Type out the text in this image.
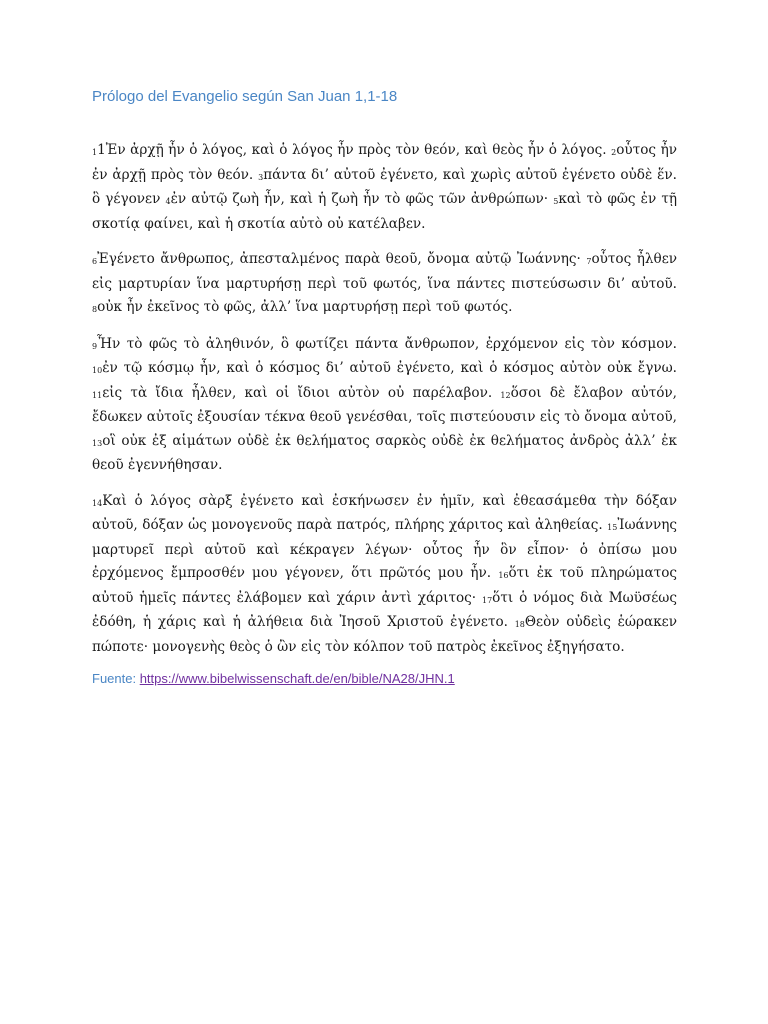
Prólogo del Evangelio según San Juan 1,1-18

11Ἐν ἀρχῇ ἦν ὁ λόγος, καὶ ὁ λόγος ἦν πρὸς τὸν θεόν, καὶ θεὸς ἦν ὁ λόγος. 2οὗτος ἦν ἐν ἀρχῇ πρὸς τὸν θεόν. 3πάντα δι’ αὐτοῦ ἐγένετο, καὶ χωρὶς αὐτοῦ ἐγένετο οὐδὲ ἕν. ὃ γέγονεν 4ἐν αὐτῷ ζωὴ ἦν, καὶ ἡ ζωὴ ἦν τὸ φῶς τῶν ἀνθρώπων· 5καὶ τὸ φῶς ἐν τῇ σκοτίᾳ φαίνει, καὶ ἡ σκοτία αὐτὸ οὐ κατέλαβεν.

6Ἐγένετο ἄνθρωπος, ἀπεσταλμένος παρὰ θεοῦ, ὄνομα αὐτῷ Ἰωάννης· 7οὗτος ἦλθεν εἰς μαρτυρίαν ἵνα μαρτυρήσῃ περὶ τοῦ φωτός, ἵνα πάντες πιστεύσωσιν δι’ αὐτοῦ. 8οὐκ ἦν ἐκεῖνος τὸ φῶς, ἀλλ’ ἵνα μαρτυρήσῃ περὶ τοῦ φωτός.

9Ἦν τὸ φῶς τὸ ἀληθινόν, ὃ φωτίζει πάντα ἄνθρωπον, ἐρχόμενον εἰς τὸν κόσμον. 10ἐν τῷ κόσμῳ ἦν, καὶ ὁ κόσμος δι’ αὐτοῦ ἐγένετο, καὶ ὁ κόσμος αὐτὸν οὐκ ἔγνω. 11εἰς τὰ ἴδια ἦλθεν, καὶ οἱ ἴδιοι αὐτὸν οὐ παρέλαβον. 12ὅσοι δὲ ἔλαβον αὐτόν, ἔδωκεν αὐτοῖς ἐξουσίαν τέκνα θεοῦ γενέσθαι, τοῖς πιστεύουσιν εἰς τὸ ὄνομα αὐτοῦ, 13οἳ οὐκ ἐξ αἱμάτων οὐδὲ ἐκ θελήματος σαρκὸς οὐδὲ ἐκ θελήματος ἀνδρὸς ἀλλ’ ἐκ θεοῦ ἐγεννήθησαν.

14Καὶ ὁ λόγος σὰρξ ἐγένετο καὶ ἐσκήνωσεν ἐν ἡμῖν, καὶ ἐθεασάμεθα τὴν δόξαν αὐτοῦ, δόξαν ὡς μονογενοῦς παρὰ πατρός, πλήρης χάριτος καὶ ἀληθείας. 15Ἰωάννης μαρτυρεῖ περὶ αὐτοῦ καὶ κέκραγεν λέγων· οὗτος ἦν ὃν εἶπον· ὁ ὀπίσω μου ἐρχόμενος ἔμπροσθέν μου γέγονεν, ὅτι πρῶτός μου ἦν. 16ὅτι ἐκ τοῦ πληρώματος αὐτοῦ ἡμεῖς πάντες ἐλάβομεν καὶ χάριν ἀντὶ χάριτος· 17ὅτι ὁ νόμος διὰ Μωϋσέως ἐδόθη, ἡ χάρις καὶ ἡ ἀλήθεια διὰ Ἰησοῦ Χριστοῦ ἐγένετο. 18Θεὸν οὐδεὶς ἑώρακεν πώποτε· μονογενὴς θεὸς ὁ ὢν εἰς τὸν κόλπον τοῦ πατρὸς ἐκεῖνος ἐξηγήσατο.

Fuente: https://www.bibelwissenschaft.de/en/bible/NA28/JHN.1
